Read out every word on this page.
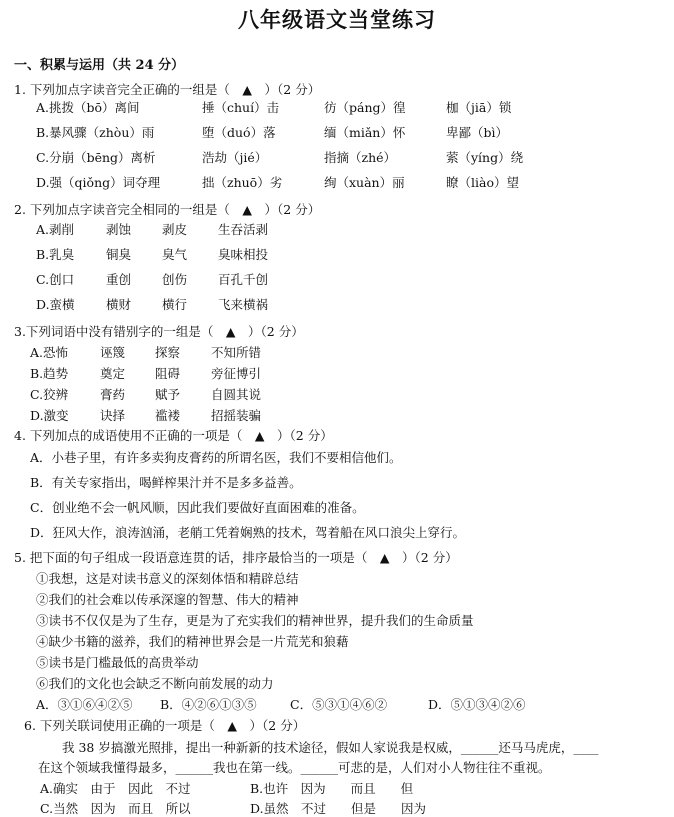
八年级语文当堂练习
一、积累与运用（共 24 分）
1. 下列加点字读音完全正确的一组是（　▲　）（2 分）
A.挑拨（bō）离间	捶（chuí）击	彷（páng）徨	枷（jiā）锁
B.暴风骤（zhòu）雨	堕（duó）落	缅（miǎn）怀	卑鄙（bì）
C.分崩（bēng）离析	浩劫（jié）	指摘（zhé）	萦（yíng）绕
D.强（qiǒng）词夺理	拙（zhuō）劣	绚（xuàn）丽	瞭（liào）望
2. 下列加点字读音完全相同的一组是（　▲　）（2 分）
A.剥削	剥蚀 剥皮 生吞活剥
B.乳臭	铜臭 臭气 臭味相投
C.创口	重创 创伤 百孔千创
D.蛮横	横财 横行 飞来横祸
3.下列词语中没有错别字的一组是（　▲　）（2 分）
A.恐怖	诬篾 探察 不知所错
B.趋势	奠定 阻碍 旁征博引
C.狡辨	膏药 赋予 自圆其说
D.激变	诀择 褴褛 招摇装骗
4. 下列加点的成语使用不正确的一项是（　▲　）（2 分）
A．小巷子里，有许多卖狗皮膏药的所谓名医，我们不要相信他们。
B．有关专家指出，喝鲜榨果汁并不是多多益善。
C．创业绝不会一帆风顺，因此我们要做好直面困难的准备。
D．狂风大作，浪涛汹涌，老艄工凭着娴熟的技术，驾着船在风口浪尖上穿行。
5. 把下面的句子组成一段语意连贯的话，排序最恰当的一项是（　▲　）（2 分）
①我想，这是对读书意义的深刻体悟和精辟总结
②我们的社会难以传承深邃的智慧、伟大的精神
③读书不仅仅是为了生存，更是为了充实我们的精神世界，提升我们的生命质量
④缺少书籍的滋养，我们的精神世界会是一片荒芜和狼藉
⑤读书是门槛最低的高贵举动
⑥我们的文化也会缺乏不断向前发展的动力
A．③①⑥④②⑤ B．④②⑥①③⑤	C．⑤③①④⑥②	D．⑤①③④②⑥
6. 下列关联词使用正确的一项是（　▲　）（2 分）
我 38 岁搞激光照排，提出一种新新的技术途径，假如人家说我是权威，______还马马虎虎，____
在这个领域我懂得最多，______我也在第一线。______可悲的是，人们对小人物往往不重视。
A.确实　由于　因此　不过	B.也许　因为　　而且　　但
C.当然　因为　而且　所以	D.虽然　不过　　但是　　因为
